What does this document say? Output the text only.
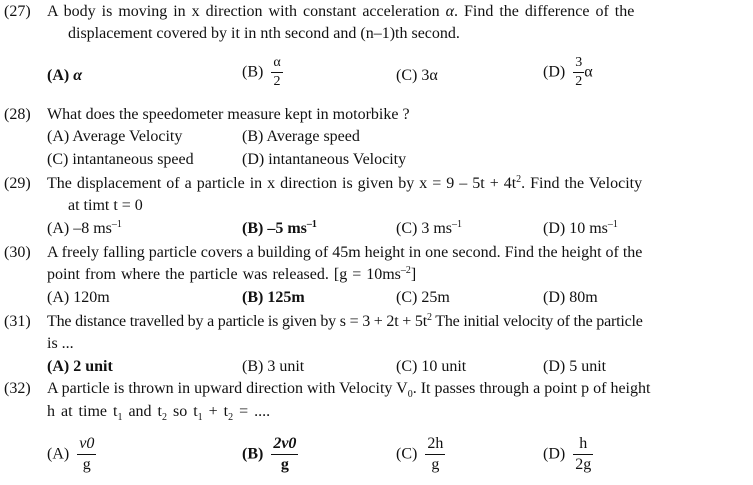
(27) A body is moving in x direction with constant acceleration α. Find the difference of the
displacement covered by it in nth second and (n–1)th second.
(A) α	$(B) \frac{\alpha}{2}$	(C) 3α	$(D) \frac{3}{2}$ α
(28) What does the speedometer measure kept in motorbike ?
(A) Average Velocity	(B) Average speed
(C) intantaneous speed	(D) intantaneous Velocity
(29) The displacement of a particle in x direction is given by $x = 9 - 5t + 4t^2$. Find the Velocity
at timt t = 0
(A) –8 $ms^{-1}$	(B) –5 $ms^{-1}$	(C) 3 $ms^{-1}$	(D) 10 $ms^{-1}$
(30) A freely falling particle covers a building of 45m height in one second. Find the height of the
point from where the particle was released. $[g = 10ms^{-2}]$
(A) 120m	(B) 125m	(C) 25m	(D) 80m
(31) The distance travelled by a particle is given by $s = 3 + 2t + 5t^2$ The initial velocity of the particle
is ...
(A) 2 unit	(B) 3 unit	(C) 10 unit	(D) 5 unit
(32) A particle is thrown in upward direction with Velocity $V_0$. It passes through a point p of height
h at time $t_1$ and $t_2$ so $t_1 + t_2$ = ....
$(A) \frac{v0}{g}$	$(B) \frac{2v0}{g}$	$(C) \frac{2h}{g}$	$(D) \frac{h}{2g}$
